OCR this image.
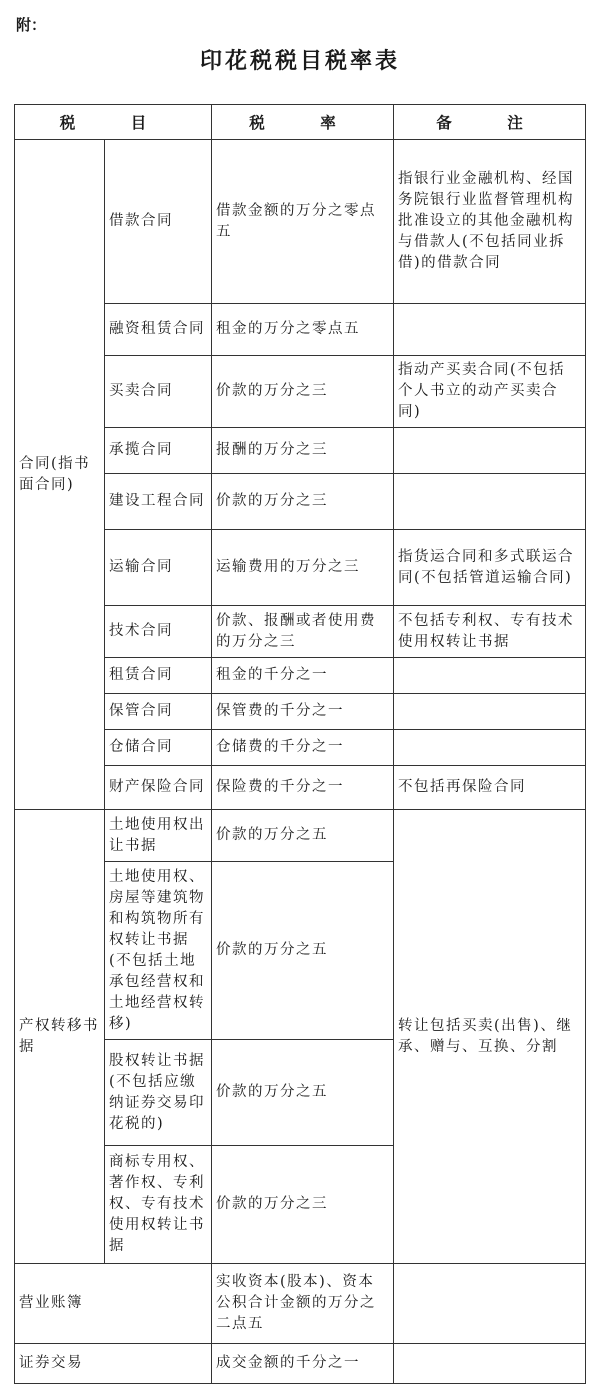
附：
印花税税目税率表
税　目		税　率	备　注
合同(指书面合同)	借款合同	借款金额的万分之零点五	指银行业金融机构、经国务院银行业监督管理机构批准设立的其他金融机构与借款人(不包括同业拆借)的借款合同
	融资租赁合同	租金的万分之零点五	
	买卖合同	价款的万分之三	指动产买卖合同(不包括个人书立的动产买卖合同)
	承揽合同	报酬的万分之三	
	建设工程合同	价款的万分之三	
	运输合同	运输费用的万分之三	指货运合同和多式联运合同(不包括管道运输合同)
	技术合同	价款、报酬或者使用费的万分之三	不包括专利权、专有技术使用权转让书据
	租赁合同	租金的千分之一	
	保管合同	保管费的千分之一	
	仓储合同	仓储费的千分之一	
	财产保险合同	保险费的千分之一	不包括再保险合同
产权转移书据	土地使用权出让书据	价款的万分之五	转让包括买卖(出售)、继承、赠与、互换、分割
	土地使用权、房屋等建筑物和构筑物所有权转让书据(不包括土地承包经营权和土地经营权转移)	价款的万分之五	
	股权转让书据(不包括应缴纳证券交易印花税的)	价款的万分之五	
	商标专用权、著作权、专利权、专有技术使用权转让书据	价款的万分之三	
营业账簿		实收资本(股本)、资本公积合计金额的万分之二点五	
证券交易		成交金额的千分之一	
